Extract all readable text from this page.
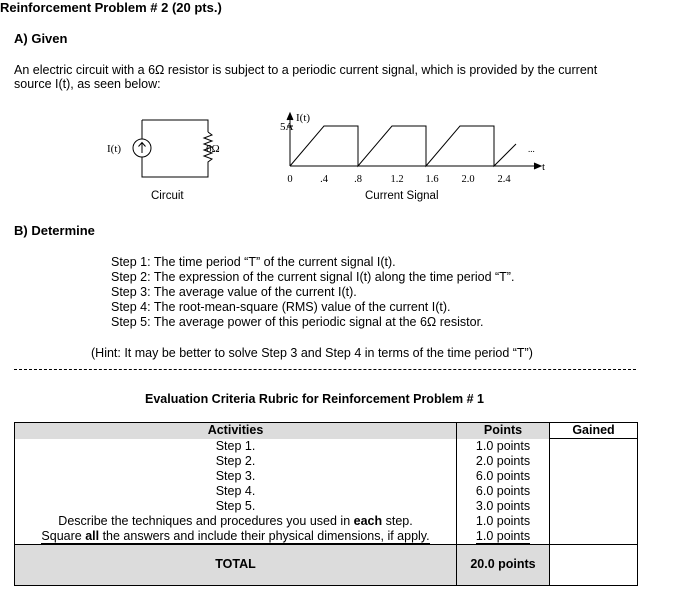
Reinforcement Problem # 2 (20 pts.)
A) Given
An electric circuit with a 6Ω resistor is subject to a periodic current signal, which is provided by the current
source I(t), as seen below:
I(t)	6Ω
Circuit
5A
I(t)
t
...
0	.4 .8	1.2 1.6 2.0 2.4
Current Signal
B) Determine
Step 1: The time period “T” of the current signal I(t).
Step 2: The expression of the current signal I(t) along the time period “T”.
Step 3: The average value of the current I(t).
Step 4: The root-mean-square (RMS) value of the current I(t).
Step 5: The average power of this periodic signal at the 6Ω resistor.
(Hint: It may be better to solve Step 3 and Step 4 in terms of the time period “T”)
Evaluation Criteria Rubric for Reinforcement Problem # 1
Activities	Points	Gained
Step 1.	1.0 points	
Step 2.	2.0 points	
Step 3.	6.0 points	
Step 4.	6.0 points	
Step 5.	3.0 points	
Describe the techniques and procedures you used in each step.	1.0 points	
Square all the answers and include their physical dimensions, if apply.	1.0 points	
TOTAL	20.0 points	
